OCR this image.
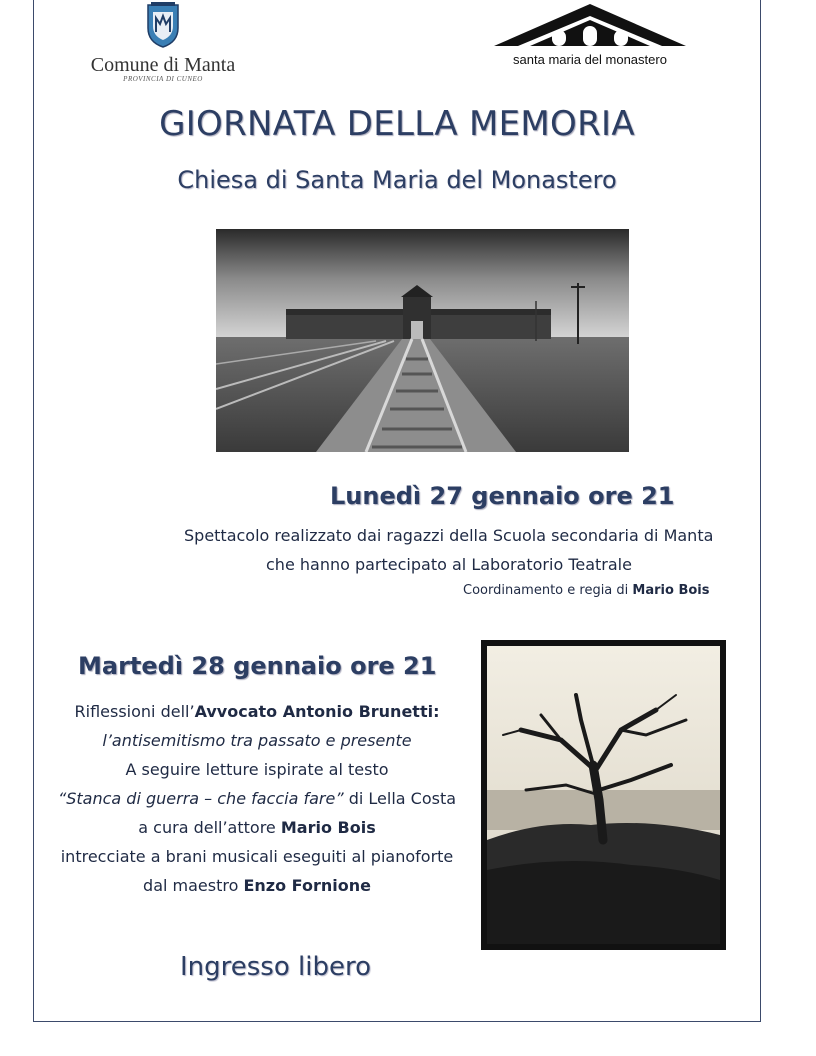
Comune di Manta
PROVINCIA DI CUNEO
santa maria del monastero
GIORNATA DELLA MEMORIA
Chiesa di Santa Maria del Monastero
Lunedì 27 gennaio ore 21
Spettacolo realizzato dai ragazzi della Scuola secondaria di Manta
che hanno partecipato al Laboratorio Teatrale
Coordinamento e regia di Mario Bois
Martedì 28 gennaio ore 21
Riflessioni dell’Avvocato Antonio Brunetti:
l’antisemitismo tra passato e presente
A seguire letture ispirate al testo
“Stanca di guerra – che faccia fare” di Lella Costa
a cura dell’attore Mario Bois
intrecciate a brani musicali eseguiti al pianoforte
dal maestro Enzo Fornione
Ingresso libero
